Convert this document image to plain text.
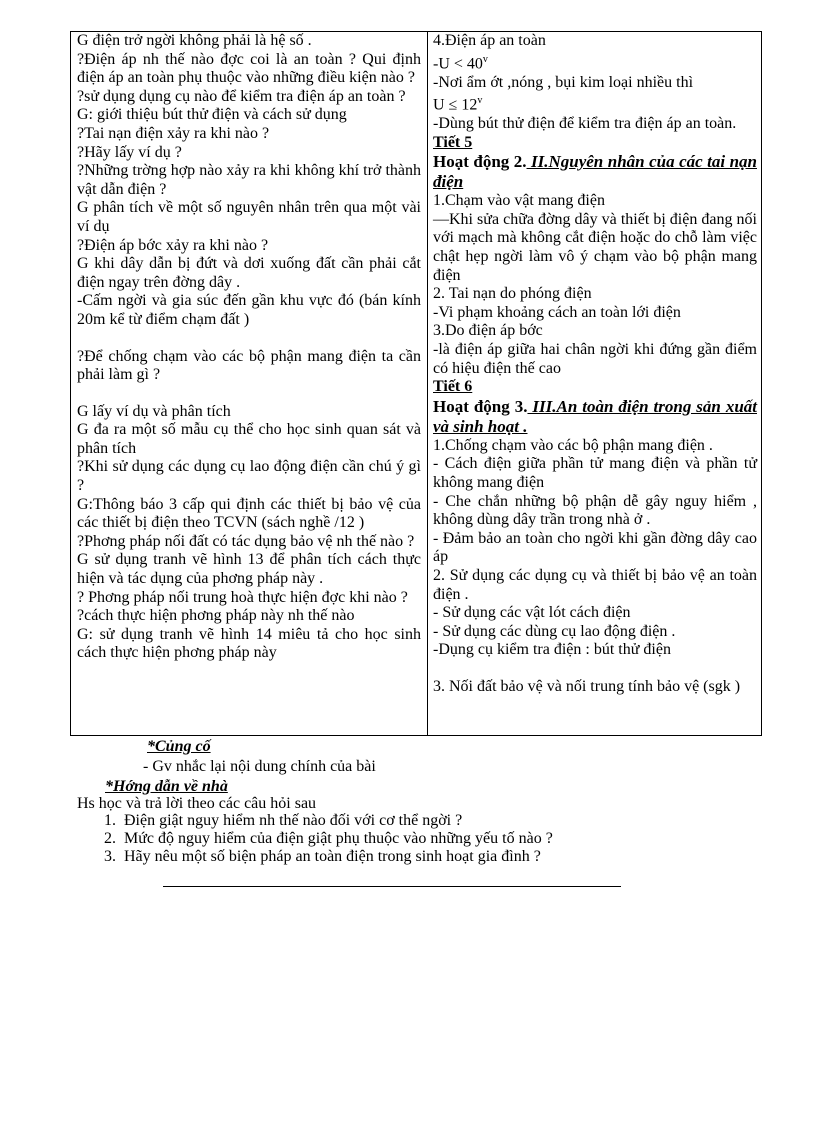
G điện trở ngời không phải là hệ số .

?Điện áp nh thế nào đợc coi là an toàn ? Qui định điện áp an toàn phụ thuộc vào những điều kiện nào ?

?sử dụng dụng cụ nào để kiểm tra điện áp an toàn ?

G: giới thiệu bút thử điện và cách sử dụng

?Tai nạn điện xảy ra khi nào ?

?Hãy lấy ví dụ ?

?Những trờng hợp nào xảy ra khi không khí trở thành vật dẫn điện ?

G phân tích về một số nguyên nhân trên qua một vài ví dụ

?Điện áp bớc xảy ra khi nào ?

G khi dây dẫn bị đứt và dơi xuống đất cần phải cắt điện ngay trên đờng dây .

-Cấm ngời và gia súc đến gần khu vực đó (bán kính 20m kể từ điểm chạm đất )

?Để chống chạm vào các bộ phận mang điện ta cần phải làm gì ?

G lấy ví dụ và phân tích

G đa ra một số mẫu cụ thể cho học sinh quan sát và phân tích

?Khi sử dụng các dụng cụ lao động điện cần chú ý gì ?

G:Thông báo 3 cấp qui định các thiết bị bảo vệ của các thiết bị điện theo TCVN (sách nghề /12 )

?Phơng pháp nối đất có tác dụng bảo vệ nh thế nào ?

G sử dụng tranh vẽ hình 13 để phân tích cách thực hiện và tác dụng của phơng pháp này .

? Phơng pháp nối trung hoà thực hiện đợc khi nào ?

?cách thực hiện phơng pháp này nh thế nào

G: sử dụng tranh vẽ hình 14 miêu tả cho học sinh cách thực hiện phơng pháp này

4.Điện áp an toàn

$-U < 40^v$

-Nơi ẩm ớt ,nóng , bụi kim loại nhiều thì

$U \le 12^v$

-Dùng bút thử điện để kiểm tra điện áp an toàn.

Tiết 5

Hoạt động 2. II.Nguyên nhân của các tai nạn điện

1.Chạm vào vật mang điện

—Khi sửa chữa đờng dây và thiết bị điện đang nối với mạch mà không cắt điện hoặc do chỗ làm việc chật hẹp ngời làm vô ý chạm vào bộ phận mang điện

2. Tai nạn do phóng điện

-Vi phạm khoảng cách an toàn lới điện

3.Do điện áp bớc

-là điện áp giữa hai chân ngời khi đứng gần điểm có hiệu điện thế cao

Tiết 6

Hoạt động 3. III.An toàn điện trong sản xuất và sinh hoạt .

1.Chống chạm vào các bộ phận mang điện .

- Cách điện giữa phần tử mang điện và phần tử không mang điện

- Che chắn những bộ phận dễ gây nguy hiểm , không dùng dây trần trong nhà ở .

- Đảm bảo an toàn cho ngời khi gần đờng dây cao áp

2. Sử dụng các dụng cụ và thiết bị bảo vệ an toàn điện .

- Sử dụng các vật lót cách điện

- Sử dụng các dùng cụ lao động điện .

-Dụng cụ kiểm tra điện : bút thử điện

3. Nối đất bảo vệ và nối trung tính bảo vệ (sgk )

*Củng cố
- Gv nhắc lại nội dung chính của bài
*Hớng dẫn về nhà
Hs học và trả lời theo các câu hỏi sau
1. Điện giật nguy hiểm nh thế nào đối với cơ thể ngời ?
2. Mức độ nguy hiểm của điện giật phụ thuộc vào những yếu tố nào ?
3. Hãy nêu một số biện pháp an toàn điện trong sinh hoạt gia đình ?
